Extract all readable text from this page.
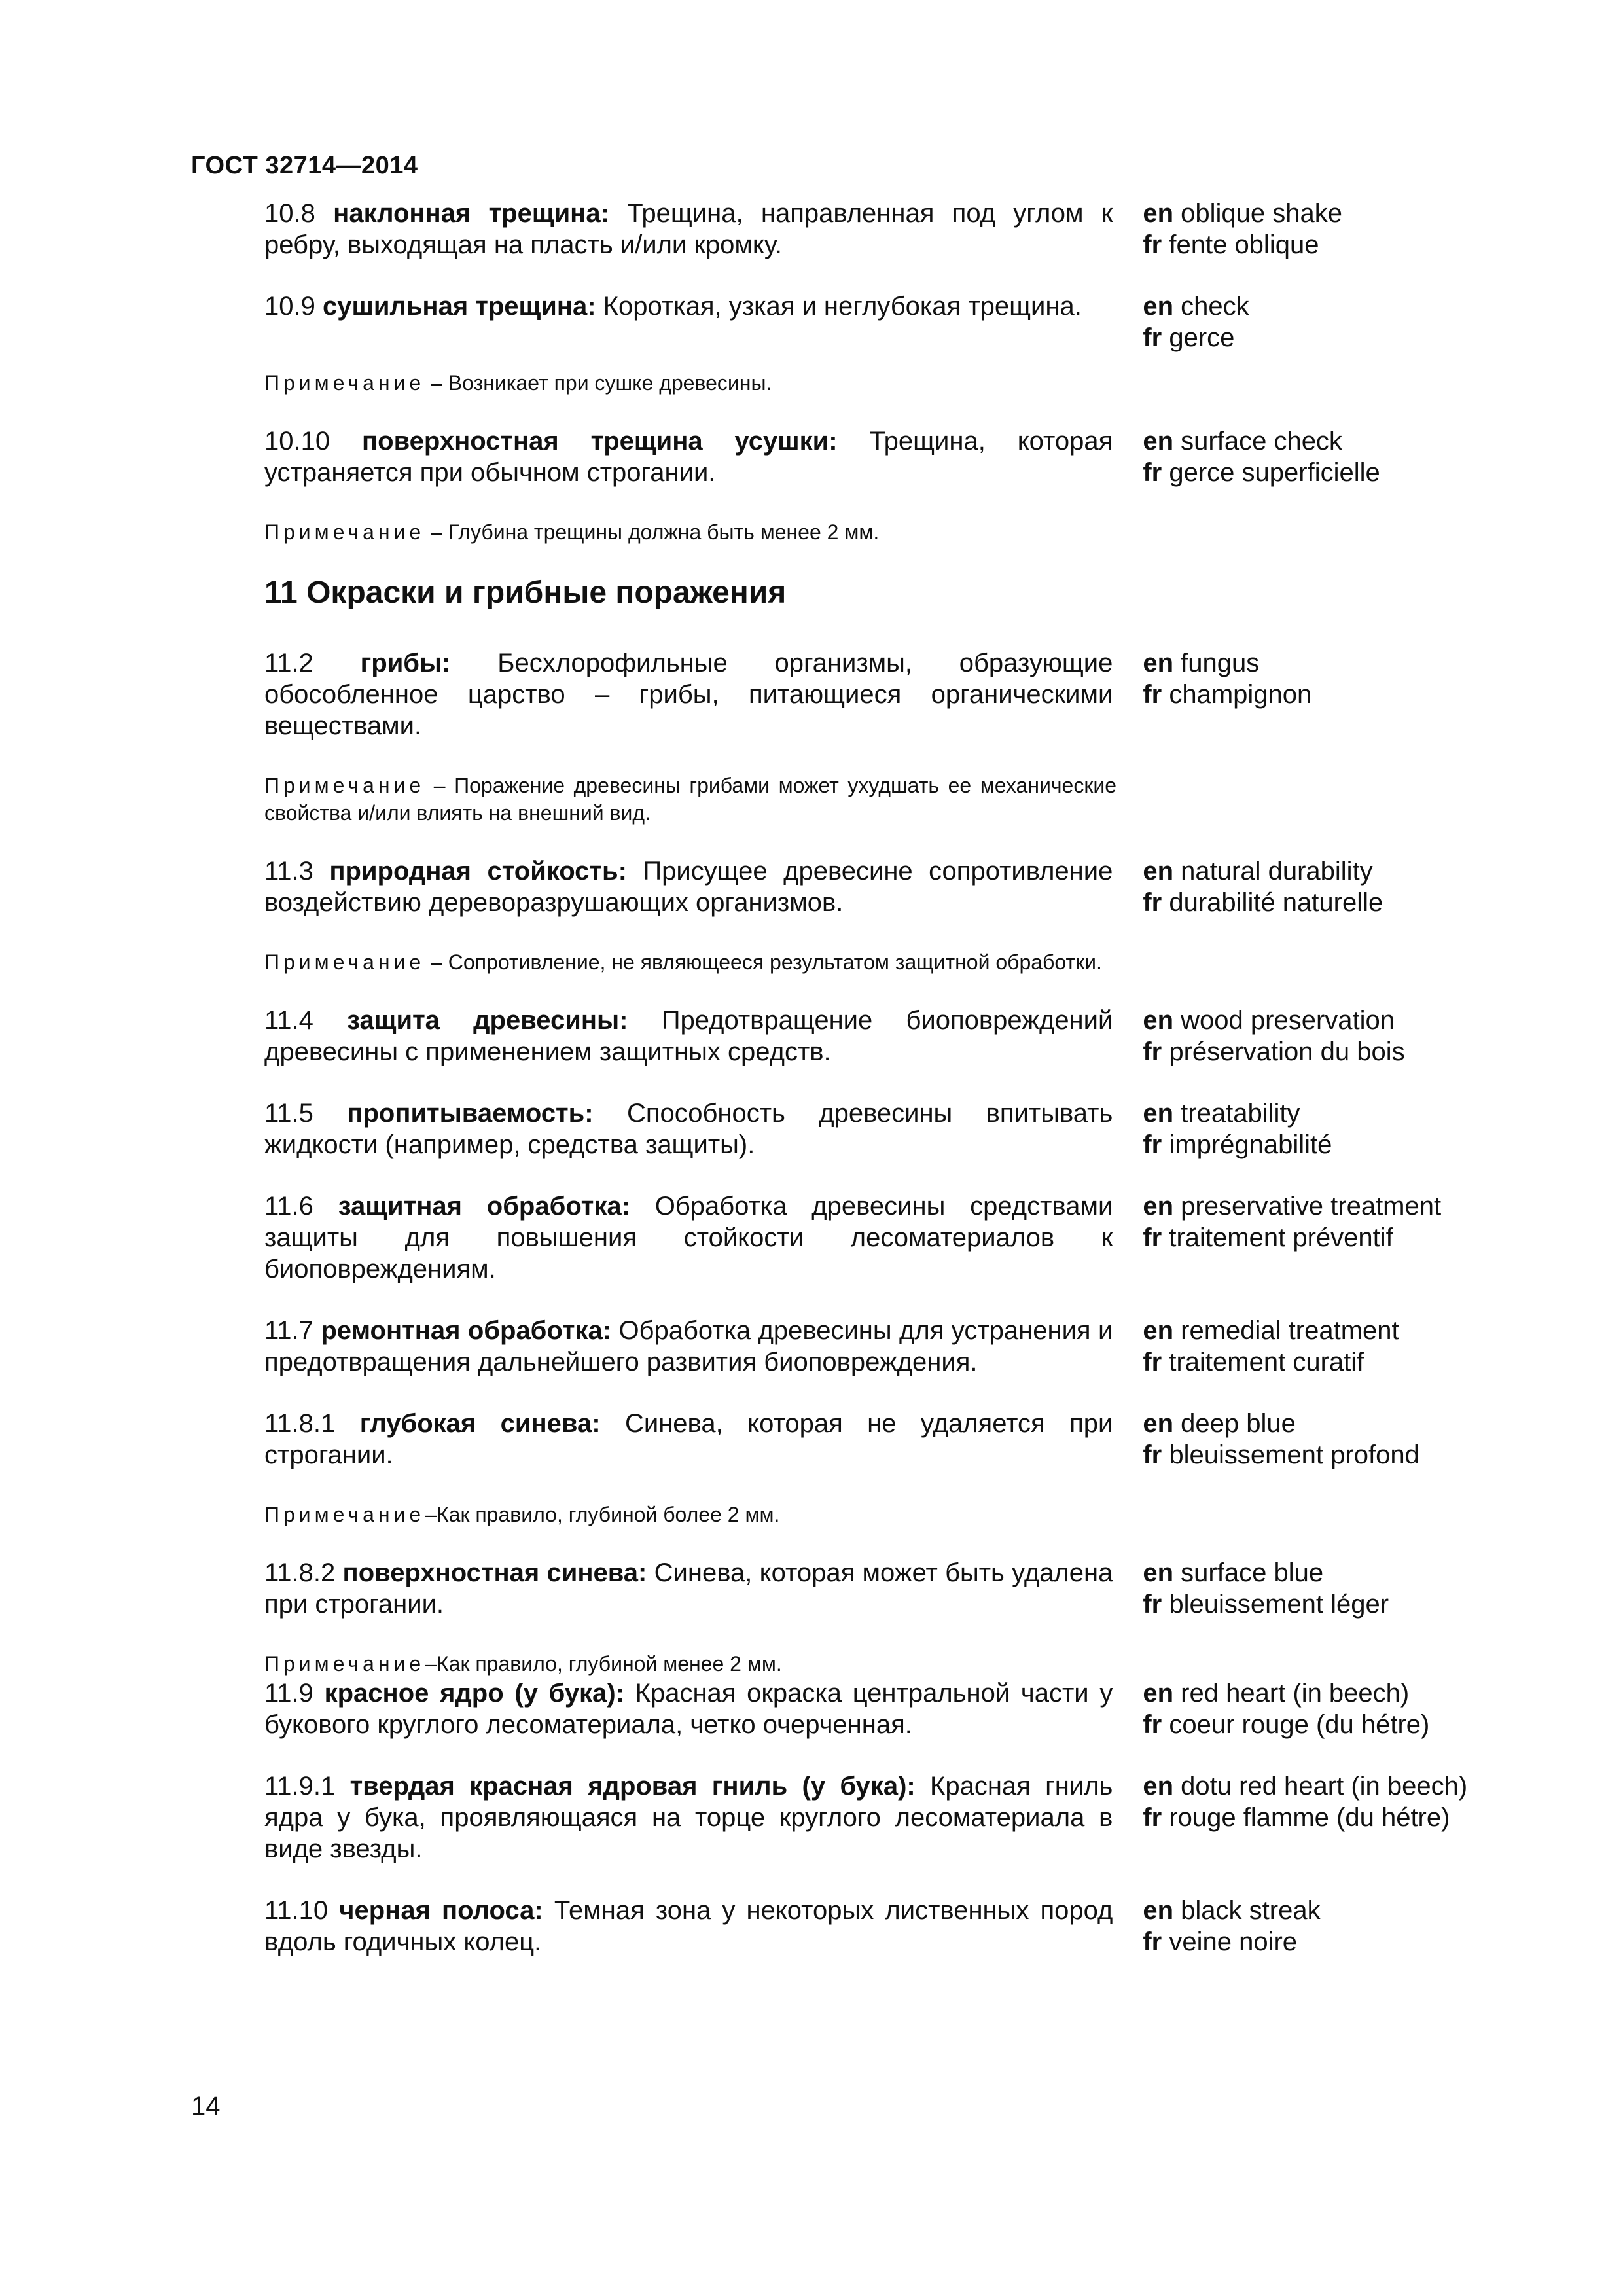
ГОСТ 32714—2014
10.8 наклонная трещина: Трещина, направленная под углом к ребру, выходящая на пласть и/или кромку.
en oblique shake
fr fente oblique
10.9 сушильная трещина: Короткая, узкая и неглубокая трещина.	en check
fr gerce
Примечание – Возникает при сушке древесины.
10.10 поверхностная трещина усушки: Трещина, которая устраняется при обычном строгании.
en surface check
fr gerce superficielle
Примечание – Глубина трещины должна быть менее 2 мм.
11 Окраски и грибные поражения
11.2 грибы: Бесхлорофильные организмы, образующие обособленное царство – грибы, питающиеся органическими веществами.
en fungus
fr champignon
Примечание – Поражение древесины грибами может ухудшать ее механические свойства и/или влиять на внешний вид.
11.3 природная стойкость: Присущее древесине сопротивление воздействию дереворазрушающих организмов.
en natural durability
fr durabilité naturelle
Примечание – Сопротивление, не являющееся результатом защитной обработки.
11.4 защита древесины: Предотвращение биоповреждений древесины с применением защитных средств.
en wood preservation
fr préservation du bois
11.5 пропитываемость: Способность древесины впитывать жидкости (например, средства защиты).
en treatability
fr imprégnabilité
11.6 защитная обработка: Обработка древесины средствами защиты для повышения стойкости лесоматериалов к биоповреждениям.
en preservative treatment
fr traitement préventif
11.7 ремонтная обработка: Обработка древесины для устранения и предотвращения дальнейшего развития биоповреждения.
en remedial treatment
fr traitement curatif
11.8.1 глубокая синева: Синева, которая не удаляется при строгании.
en deep blue
fr bleuissement profond
Примечание–Как правило, глубиной более 2 мм.
11.8.2 поверхностная синева: Синева, которая может быть удалена при строгании.
en surface blue
fr bleuissement léger
Примечание–Как правило, глубиной менее 2 мм.
11.9 красное ядро (у бука): Красная окраска центральной части у букового круглого лесоматериала, четко очерченная.
en red heart (in beech)
fr coeur rouge (du hétre)
11.9.1 твердая красная ядровая гниль (у бука): Красная гниль ядра у бука, проявляющаяся на торце круглого лесоматериала в виде звезды.
en dotu red heart (in beech)
fr rouge flamme (du hétre)
11.10 черная полоса: Темная зона у некоторых лиственных пород вдоль годичных колец.
en black streak
fr veine noire
14
